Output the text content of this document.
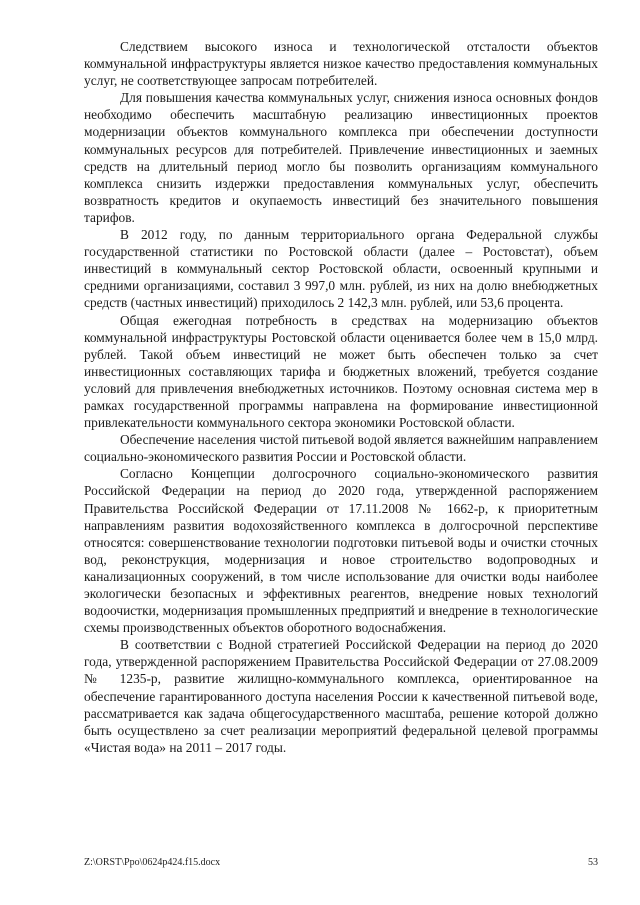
Следствием высокого износа и технологической отсталости объектов коммунальной инфраструктуры является низкое качество предоставления коммунальных услуг, не соответствующее запросам потребителей.

Для повышения качества коммунальных услуг, снижения износа основных фондов необходимо обеспечить масштабную реализацию инвестиционных проектов модернизации объектов коммунального комплекса при обеспечении доступности коммунальных ресурсов для потребителей. Привлечение инвестиционных и заемных средств на длительный период могло бы позволить организациям коммунального комплекса снизить издержки предоставления коммунальных услуг, обеспечить возвратность кредитов и окупаемость инвестиций без значительного повышения тарифов.

В 2012 году, по данным территориального органа Федеральной службы государственной статистики по Ростовской области (далее – Ростовстат), объем инвестиций в коммунальный сектор Ростовской области, освоенный крупными и средними организациями, составил 3 997,0 млн. рублей, из них на долю внебюджетных средств (частных инвестиций) приходилось 2 142,3 млн. рублей, или 53,6 процента.

Общая ежегодная потребность в средствах на модернизацию объектов коммунальной инфраструктуры Ростовской области оценивается более чем в 15,0 млрд. рублей. Такой объем инвестиций не может быть обеспечен только за счет инвестиционных составляющих тарифа и бюджетных вложений, требуется создание условий для привлечения внебюджетных источников. Поэтому основная система мер в рамках государственной программы направлена на формирование инвестиционной привлекательности коммунального сектора экономики Ростовской области.

Обеспечение населения чистой питьевой водой является важнейшим направлением социально-экономического развития России и Ростовской области.

Согласно Концепции долгосрочного социально-экономического развития Российской Федерации на период до 2020 года, утвержденной распоряжением Правительства Российской Федерации от 17.11.2008 № 1662-р, к приоритетным направлениям развития водохозяйственного комплекса в долгосрочной перспективе относятся: совершенствование технологии подготовки питьевой воды и очистки сточных вод, реконструкция, модернизация и новое строительство водопроводных и канализационных сооружений, в том числе использование для очистки воды наиболее экологически безопасных и эффективных реагентов, внедрение новых технологий водоочистки, модернизация промышленных предприятий и внедрение в технологические схемы производственных объектов оборотного водоснабжения.

В соответствии с Водной стратегией Российской Федерации на период до 2020 года, утвержденной распоряжением Правительства Российской Федерации от 27.08.2009 № 1235-р, развитие жилищно-коммунального комплекса, ориентированное на обеспечение гарантированного доступа населения России к качественной питьевой воде, рассматривается как задача общегосударственного масштаба, решение которой должно быть осуществлено за счет реализации мероприятий федеральной целевой программы «Чистая вода» на 2011 – 2017 годы.

Z:\ORST\Ppo\0624p424.f15.docx	53
